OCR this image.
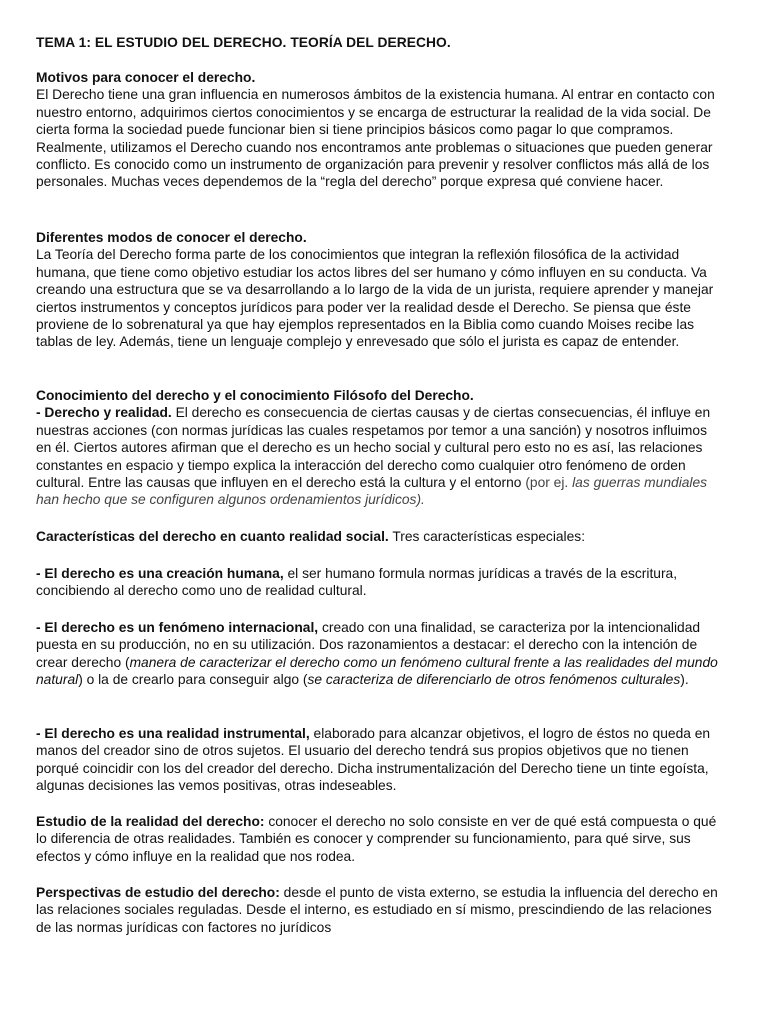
TEMA 1: EL ESTUDIO DEL DERECHO. TEORÍA DEL DERECHO.

Motivos para conocer el derecho.

El Derecho tiene una gran influencia en numerosos ámbitos de la existencia humana. Al entrar en contacto con nuestro entorno, adquirimos ciertos conocimientos y se encarga de estructurar la realidad de la vida social. De cierta forma la sociedad puede funcionar bien si tiene principios básicos como pagar lo que compramos. Realmente, utilizamos el Derecho cuando nos encontramos ante problemas o situaciones que pueden generar conflicto. Es conocido como un instrumento de organización para prevenir y resolver conflictos más allá de los personales. Muchas veces dependemos de la “regla del derecho” porque expresa qué conviene hacer.

Diferentes modos de conocer el derecho.

La Teoría del Derecho forma parte de los conocimientos que integran la reflexión filosófica de la actividad humana, que tiene como objetivo estudiar los actos libres del ser humano y cómo influyen en su conducta. Va creando una estructura que se va desarrollando a lo largo de la vida de un jurista, requiere aprender y manejar ciertos instrumentos y conceptos jurídicos para poder ver la realidad desde el Derecho. Se piensa que éste proviene de lo sobrenatural ya que hay ejemplos representados en la Biblia como cuando Moises recibe las tablas de ley. Además, tiene un lenguaje complejo y enrevesado que sólo el jurista es capaz de entender.

Conocimiento del derecho y el conocimiento Filósofo del Derecho.

- Derecho y realidad. El derecho es consecuencia de ciertas causas y de ciertas consecuencias, él influye en nuestras acciones (con normas jurídicas las cuales respetamos por temor a una sanción) y nosotros influimos en él. Ciertos autores afirman que el derecho es un hecho social y cultural pero esto no es así, las relaciones constantes en espacio y tiempo explica la interacción del derecho como cualquier otro fenómeno de orden cultural. Entre las causas que influyen en el derecho está la cultura y el entorno (por ej. las guerras mundiales han hecho que se configuren algunos ordenamientos jurídicos).

Características del derecho en cuanto realidad social. Tres características especiales:

- El derecho es una creación humana, el ser humano formula normas jurídicas a través de la escritura, concibiendo al derecho como uno de realidad cultural.

- El derecho es un fenómeno internacional, creado con una finalidad, se caracteriza por la intencionalidad puesta en su producción, no en su utilización. Dos razonamientos a destacar: el derecho con la intención de crear derecho (manera de caracterizar el derecho como un fenómeno cultural frente a las realidades del mundo natural) o la de crearlo para conseguir algo (se caracteriza de diferenciarlo de otros fenómenos culturales).

- El derecho es una realidad instrumental, elaborado para alcanzar objetivos, el logro de éstos no queda en manos del creador sino de otros sujetos. El usuario del derecho tendrá sus propios objetivos que no tienen porqué coincidir con los del creador del derecho. Dicha instrumentalización del Derecho tiene un tinte egoísta, algunas decisiones las vemos positivas, otras indeseables.

Estudio de la realidad del derecho: conocer el derecho no solo consiste en ver de qué está compuesta o qué lo diferencia de otras realidades. También es conocer y comprender su funcionamiento, para qué sirve, sus efectos y cómo influye en la realidad que nos rodea.

Perspectivas de estudio del derecho: desde el punto de vista externo, se estudia la influencia del derecho en las relaciones sociales reguladas. Desde el interno, es estudiado en sí mismo, prescindiendo de las relaciones de las normas jurídicas con factores no jurídicos
